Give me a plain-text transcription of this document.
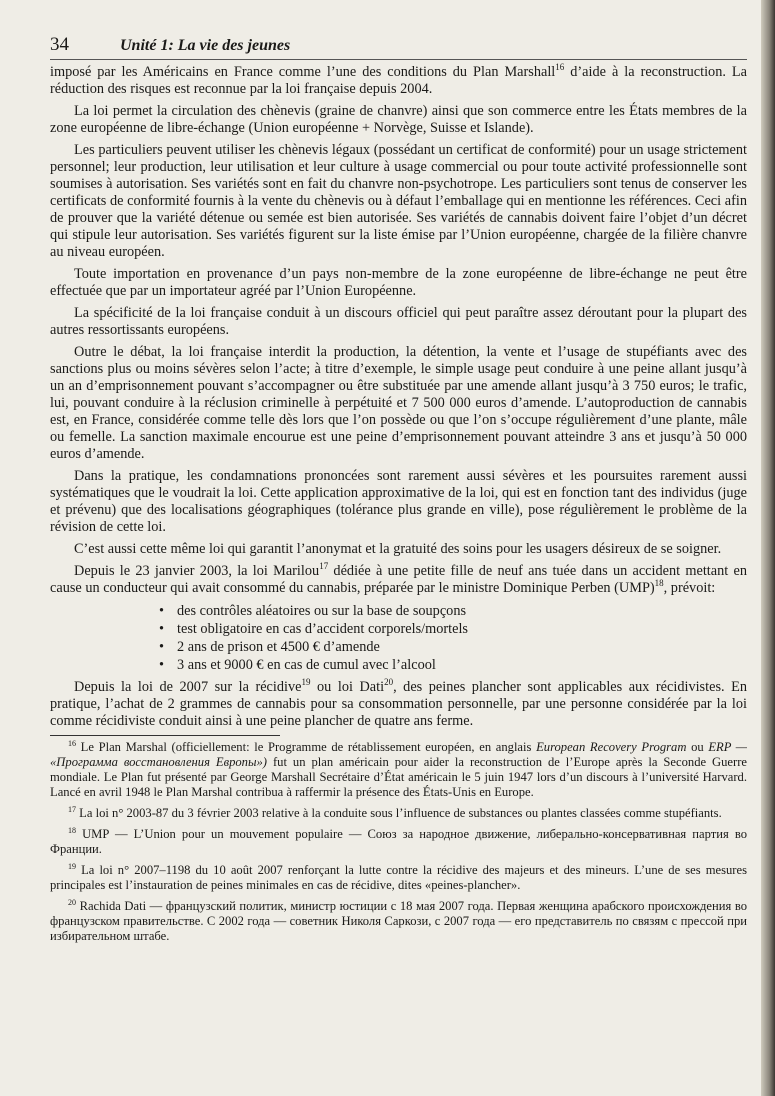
34	Unité 1: La vie des jeunes

imposé par les Américains en France comme l’une des conditions du Plan Marshall$^{16}$ d’aide à la reconstruction. La réduction des risques est reconnue par la loi française depuis 2004.

La loi permet la circulation des chènevis (graine de chanvre) ainsi que son commerce entre les États membres de la zone européenne de libre-échange (Union européenne + Norvège, Suisse et Islande).

Les particuliers peuvent utiliser les chènevis légaux (possédant un certificat de conformité) pour un usage strictement personnel; leur production, leur utilisation et leur culture à usage commercial ou pour toute activité professionnelle sont soumises à autorisation. Ses variétés sont en fait du chanvre non-psychotrope. Les particuliers sont tenus de conserver les certificats de conformité fournis à la vente du chènevis ou à défaut l’emballage qui en mentionne les références. Ceci afin de prouver que la variété détenue ou semée est bien autorisée. Ses variétés de cannabis doivent faire l’objet d’un décret qui stipule leur autorisation. Ses variétés figurent sur la liste émise par l’Union européenne, chargée de la filière chanvre au niveau européen.

Toute importation en provenance d’un pays non-membre de la zone européenne de libre-échange ne peut être effectuée que par un importateur agréé par l’Union Européenne.

La spécificité de la loi française conduit à un discours officiel qui peut paraître assez déroutant pour la plupart des autres ressortissants européens.

Outre le débat, la loi française interdit la production, la détention, la vente et l’usage de stupéfiants avec des sanctions plus ou moins sévères selon l’acte; à titre d’exemple, le simple usage peut conduire à une peine allant jusqu’à un an d’emprisonnement pouvant s’accompagner ou être substituée par une amende allant jusqu’à 3 750 euros; le trafic, lui, pouvant conduire à la réclusion criminelle à perpétuité et 7 500 000 euros d’amende. L’autoproduction de cannabis est, en France, considérée comme telle dès lors que l’on possède ou que l’on s’occupe régulièrement d’une plante, mâle ou femelle. La sanction maximale encourue est une peine d’emprisonnement pouvant atteindre 3 ans et jusqu’à 50 000 euros d’amende.

Dans la pratique, les condamnations prononcées sont rarement aussi sévères et les poursuites rarement aussi systématiques que le voudrait la loi. Cette application approximative de la loi, qui est en fonction tant des individus (juge et prévenu) que des localisations géographiques (tolérance plus grande en ville), pose régulièrement le problème de la révision de cette loi.

C’est aussi cette même loi qui garantit l’anonymat et la gratuité des soins pour les usagers désireux de se soigner.

Depuis le 23 janvier 2003, la loi Marilou$^{17}$ dédiée à une petite fille de neuf ans tuée dans un accident mettant en cause un conducteur qui avait consommé du cannabis, préparée par le ministre Dominique Perben (UMP)$^{18}$, prévoit:

• des contrôles aléatoires ou sur la base de soupçons
• test obligatoire en cas d’accident corporels/mortels
• 2 ans de prison et 4500 € d’amende
• 3 ans et 9000 € en cas de cumul avec l’alcool

Depuis la loi de 2007 sur la récidive$^{19}$ ou loi Dati$^{20}$, des peines plancher sont applicables aux récidivistes. En pratique, l’achat de 2 grammes de cannabis pour sa consommation personnelle, par une personne considérée par la loi comme récidiviste conduit ainsi à une peine plancher de quatre ans ferme.

$^{16}$ Le Plan Marshal (officiellement: le Programme de rétablissement européen, en anglais European Recovery Program ou ERP — «Программа восстановления Европы») fut un plan américain pour aider la reconstruction de l’Europe après la Seconde Guerre mondiale. Le Plan fut présenté par George Marshall Secrétaire d’État américain le 5 juin 1947 lors d’un discours à l’université Harvard. Lancé en avril 1948 le Plan Marshal contribua à raffermir la présence des États-Unis en Europe.

$^{17}$ La loi n° 2003-87 du 3 février 2003 relative à la conduite sous l’influence de substances ou plantes classées comme stupéfiants.

$^{18}$ UMP — L’Union pour un mouvement populaire — Союз за народное движение, либерально-консервативная партия во Франции.

$^{19}$ La loi n° 2007–1198 du 10 août 2007 renforçant la lutte contre la récidive des majeurs et des mineurs. L’une de ses mesures principales est l’instauration de peines minimales en cas de récidive, dites «peines-plancher».

$^{20}$ Rachida Dati — французский политик, министр юстиции с 18 мая 2007 года. Первая женщина арабского происхождения во французском правительстве. С 2002 года — советник Николя Саркози, с 2007 года — его представитель по связям с прессой при избирательном штабе.
